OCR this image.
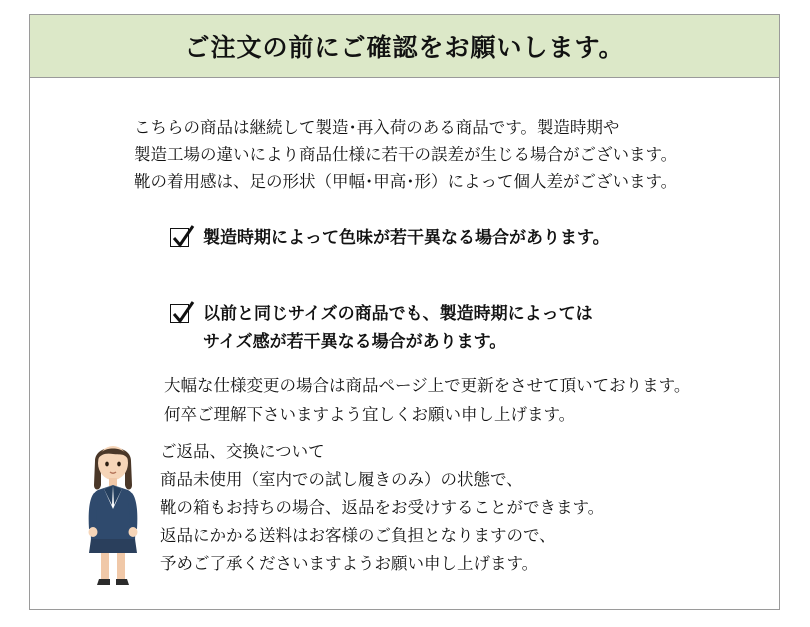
ご注文の前にご確認をお願いします。
こちらの商品は継続して製造･再入荷のある商品です。製造時期や
製造工場の違いにより商品仕様に若干の誤差が生じる場合がございます。
靴の着用感は、足の形状（甲幅･甲高･形）によって個人差がございます。
製造時期によって色味が若干異なる場合があります。
以前と同じサイズの商品でも、製造時期によっては
サイズ感が若干異なる場合があります。
大幅な仕様変更の場合は商品ページ上で更新をさせて頂いております。
何卒ご理解下さいますよう宜しくお願い申し上げます。
ご返品、交換について
商品未使用（室内での試し履きのみ）の状態で、
靴の箱もお持ちの場合、返品をお受けすることができます。
返品にかかる送料はお客様のご負担となりますので、
予めご了承くださいますようお願い申し上げます。
